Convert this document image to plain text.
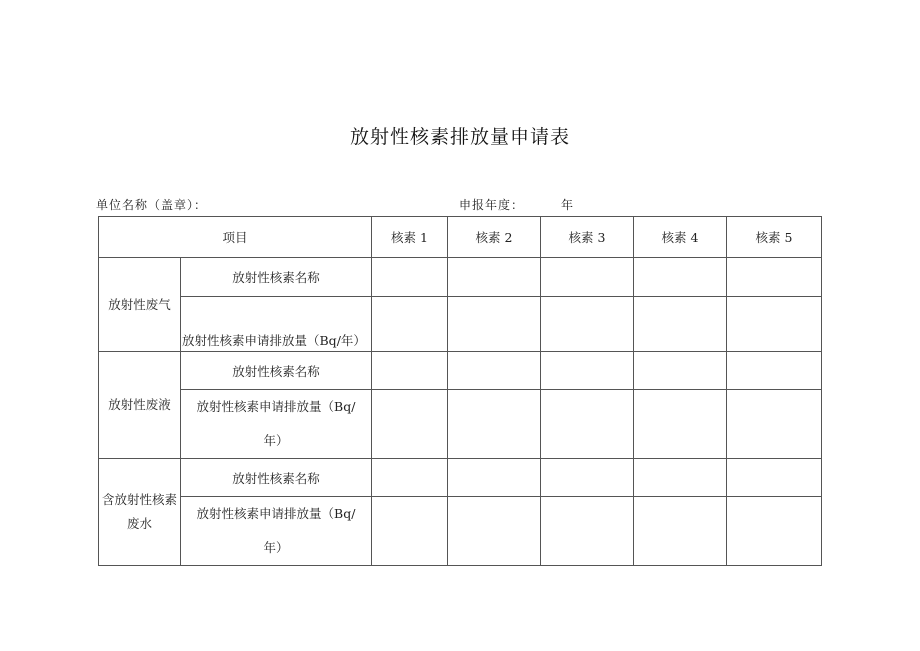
放射性核素排放量申请表
单位名称（盖章）：	申报年度：	年
项目		核素 1	核素 2	核素 3	核素 4	核素 5
放射性废气	放射性核素名称					
	放射性核素申请排放量（Bq/年）					
放射性废液	放射性核素名称					
	放射性核素申请排放量（Bq/年）					
含放射性核素废水	放射性核素名称					
	放射性核素申请排放量（Bq/年）					
